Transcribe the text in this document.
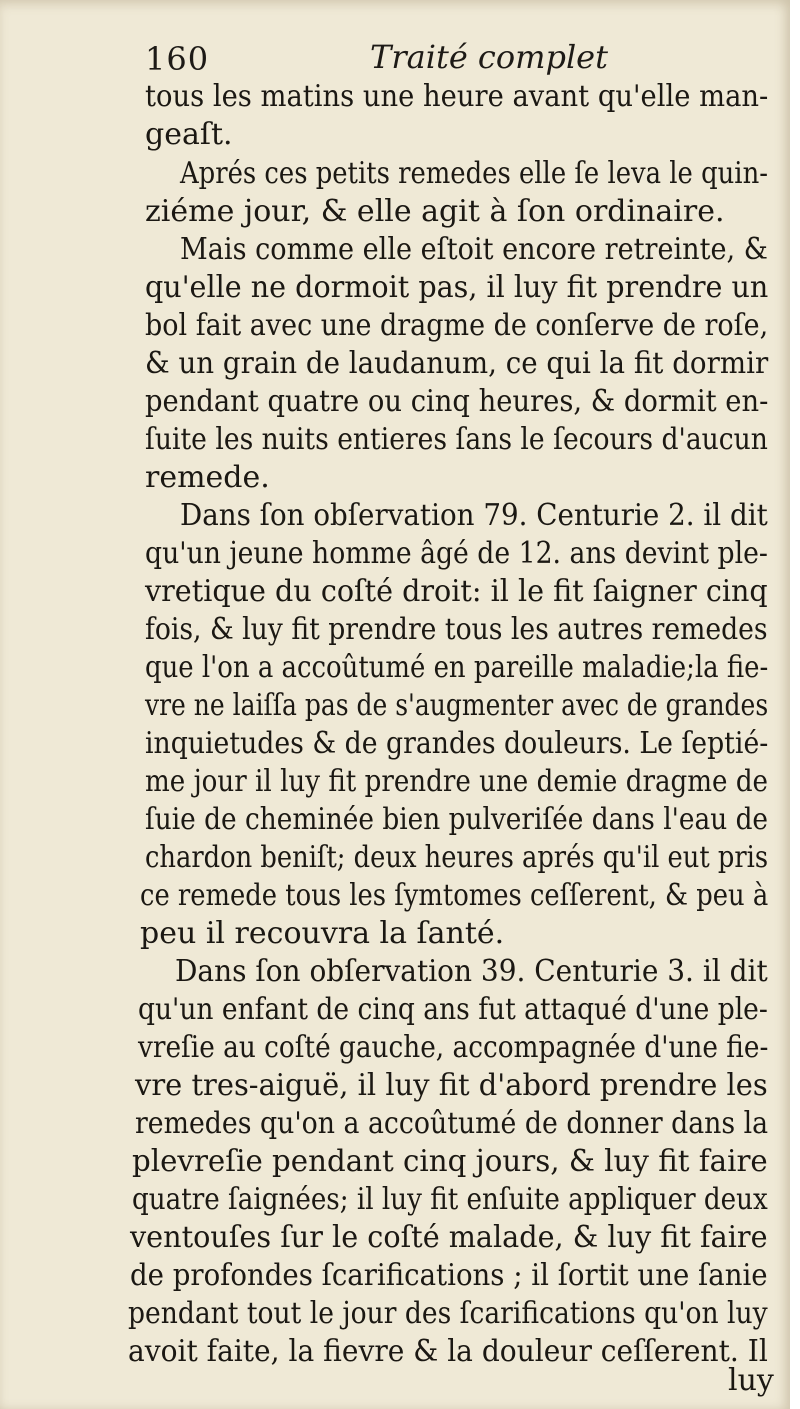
160	Traité complet
tous les matins une heure avant qu'elle man-
geaſt.
Aprés ces petits remedes elle ſe leva le quin-
ziéme jour, & elle agit à ſon ordinaire.
Mais comme elle eſtoit encore retreinte, &
qu'elle ne dormoit pas, il luy fit prendre un
bol fait avec une dragme de conſerve de roſe,
& un grain de laudanum, ce qui la fit dormir
pendant quatre ou cinq heures, & dormit en-
ſuite les nuits entieres ſans le ſecours d'aucun
remede.
Dans ſon obſervation 79. Centurie 2. il dit
qu'un jeune homme âgé de 12. ans devint ple-
vretique du coſté droit: il le fit ſaigner cinq
fois, & luy fit prendre tous les autres remedes
que l'on a accoûtumé en pareille maladie;la fie-
vre ne laiſſa pas de s'augmenter avec de grandes
inquietudes & de grandes douleurs. Le ſeptié-
me jour il luy fit prendre une demie dragme de
ſuie de cheminée bien pulveriſée dans l'eau de
chardon beniſt; deux heures aprés qu'il eut pris
ce remede tous les ſymtomes ceſſerent, & peu à
peu il recouvra la ſanté.
Dans ſon obſervation 39. Centurie 3. il dit
qu'un enfant de cinq ans fut attaqué d'une ple-
vreſie au coſté gauche, accompagnée d'une fie-
vre tres-aiguë, il luy fit d'abord prendre les
remedes qu'on a accoûtumé de donner dans la
plevreſie pendant cinq jours, & luy fit faire
quatre ſaignées; il luy fit enſuite appliquer deux
ventouſes ſur le coſté malade, & luy fit faire
de profondes ſcarifications ; il ſortit une ſanie
pendant tout le jour des ſcarifications qu'on luy
avoit faite, la fievre & la douleur ceſſerent. Il
luy
